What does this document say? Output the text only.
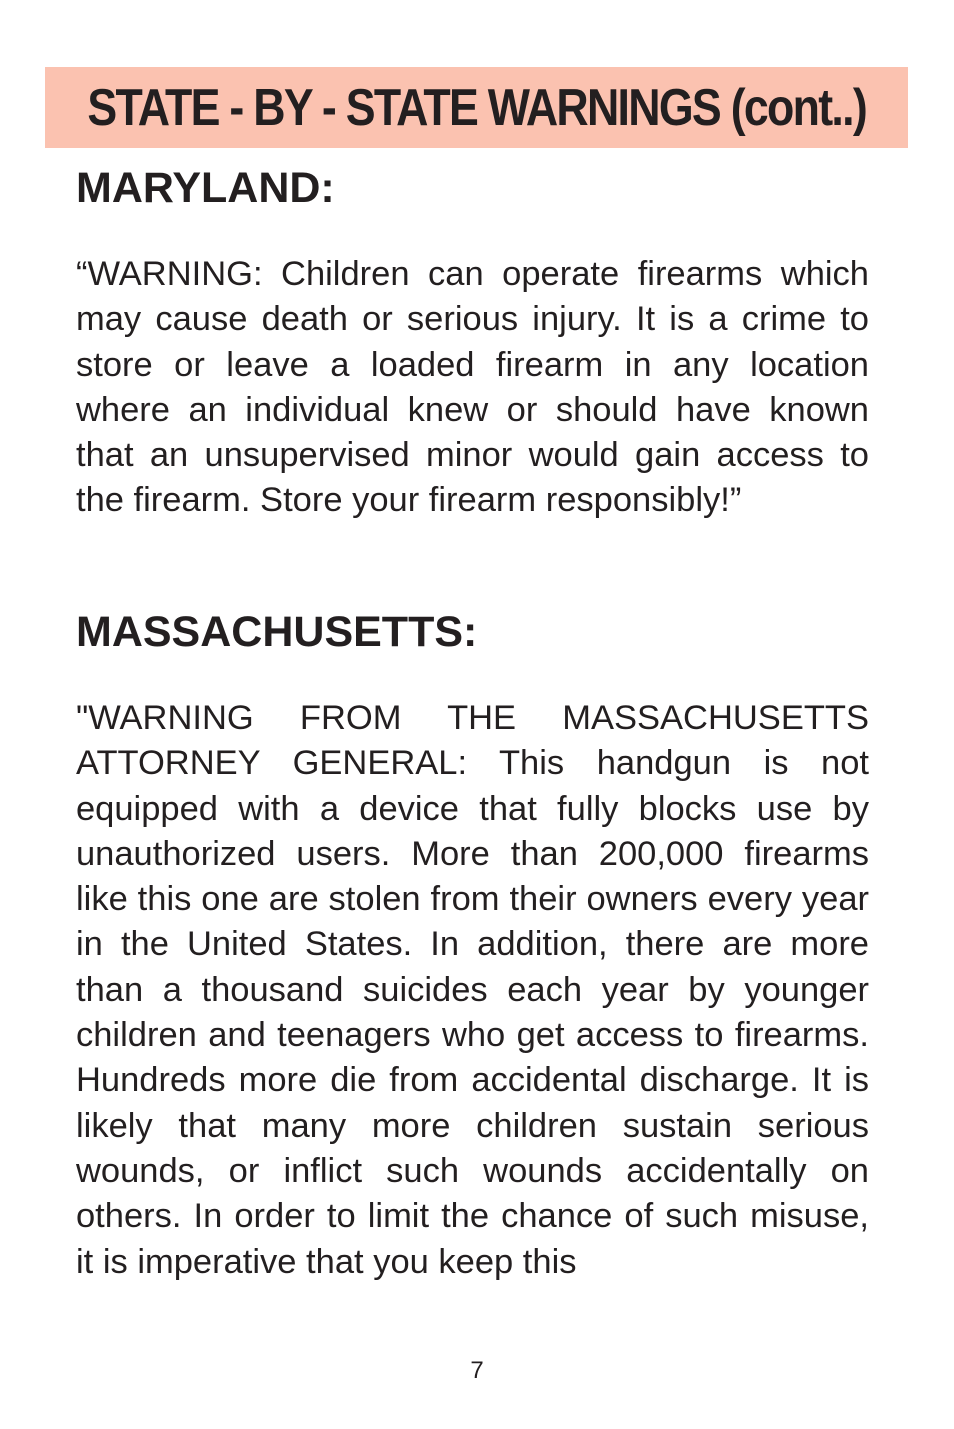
STATE - BY - STATE WARNINGS (cont..)
MARYLAND:

“WARNING: Children can operate firearms which may cause death or serious injury. It is a crime to store or leave a loaded firearm in any location where an individual knew or should have known that an unsupervised minor would gain access to the firearm. Store your firearm responsibly!”

MASSACHUSETTS:

"WARNING FROM THE MASSACHUSETTS ATTORNEY GENERAL: This handgun is not equipped with a device that fully blocks use by unauthorized users. More than 200,000 firearms like this one are stolen from their owners every year in the United States. In addition, there are more than a thousand suicides each year by younger children and teenagers who get access to firearms. Hundreds more die from accidental discharge. It is likely that many more children sustain serious wounds, or inflict such wounds accidentally on others. In order to limit the chance of such misuse, it is imperative that you keep this

7
